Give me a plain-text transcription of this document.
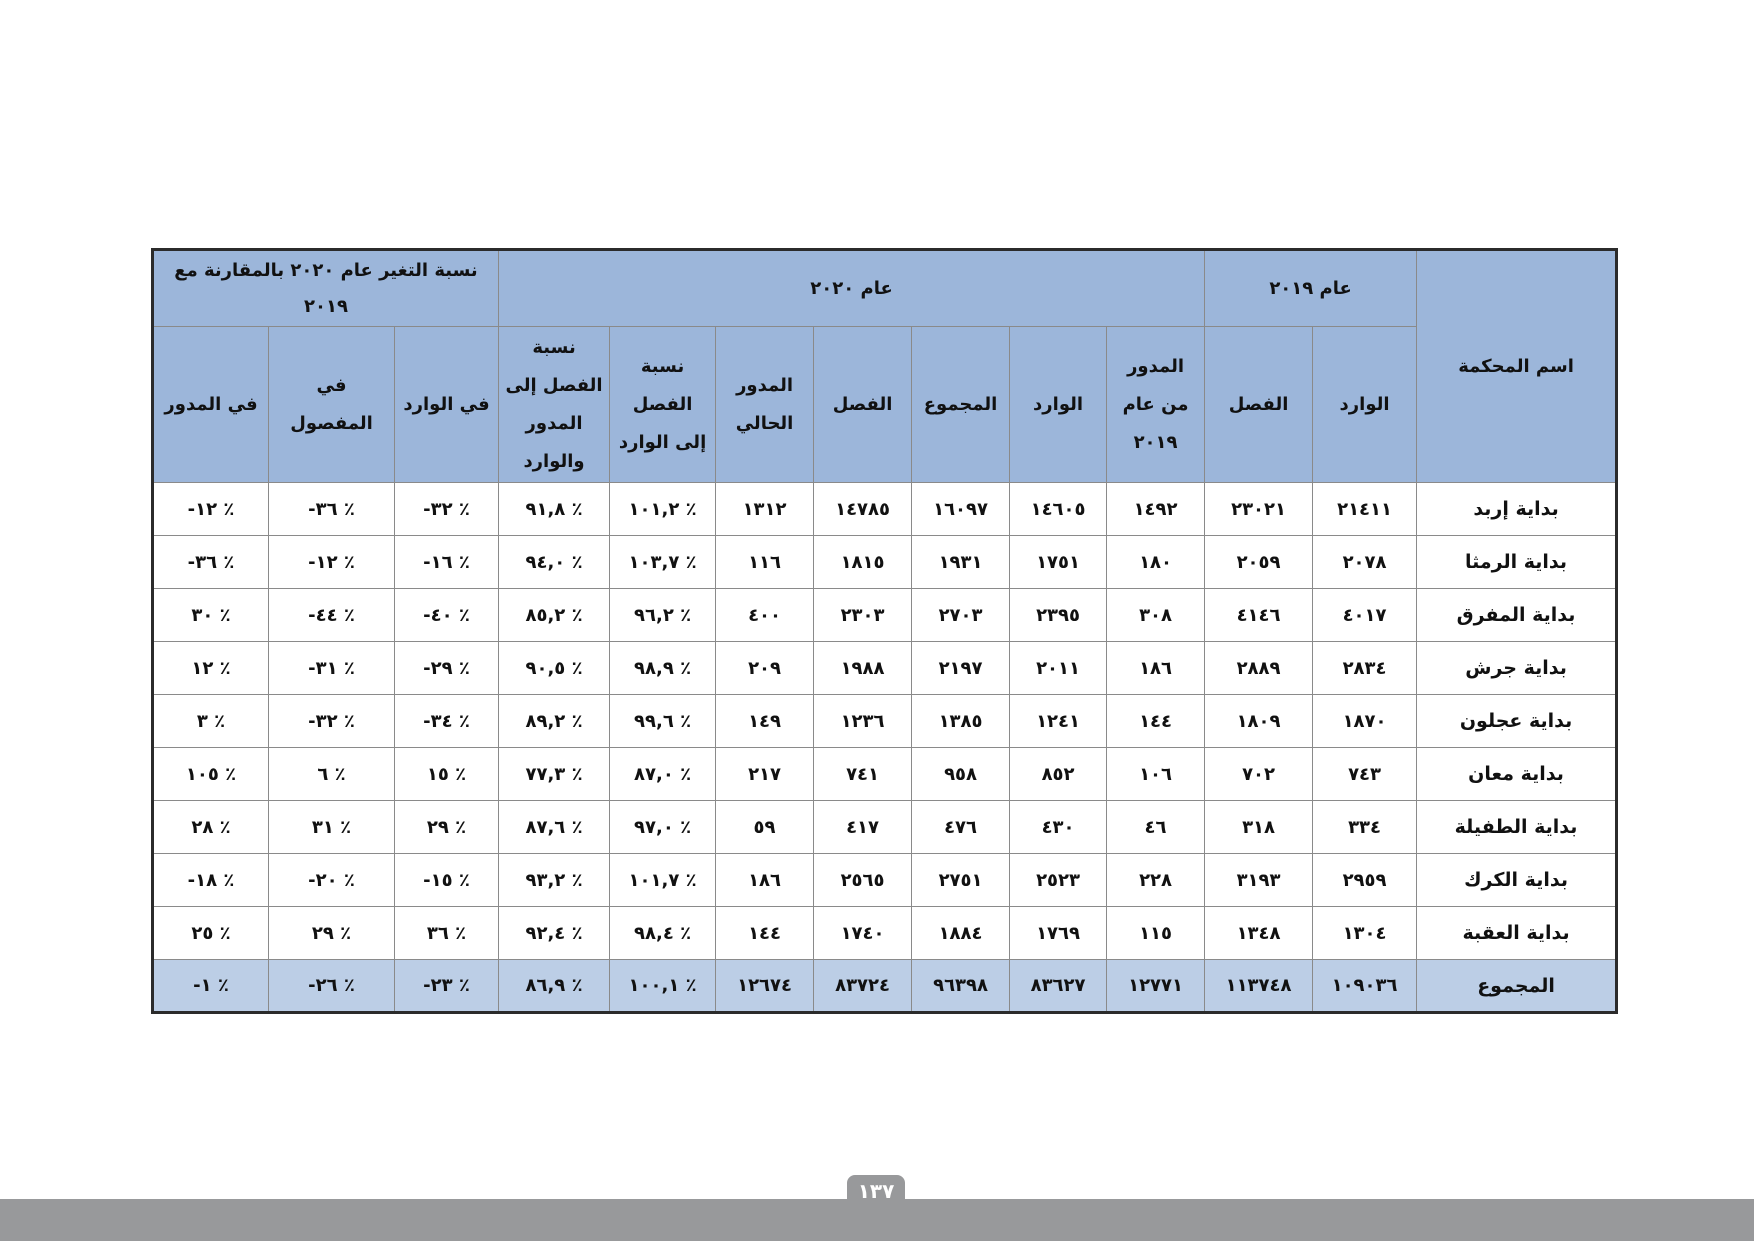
اسم المحكمة	عام ٢٠١٩		عام ٢٠٢٠							نسبة التغير عام ٢٠٢٠ بالمقارنة مع ٢٠١٩		
	الوارد	الفصل	المدور من عام ٢٠١٩	الوارد	المجموع	الفصل	المدور الحالي	نسبة الفصل إلى الوارد	نسبة الفصل إلى المدور والوارد	في الوارد	في المفصول	في المدور
بداية إربد	٢١٤١١	٢٣٠٢١	١٤٩٢	١٤٦٠٥	١٦٠٩٧	١٤٧٨٥	١٣١٢	٪ ١٠١,٢	٪ ٩١,٨	٪ ٣٢-	٪ ٣٦-	٪ ١٢-
بداية الرمثا	٢٠٧٨	٢٠٥٩	١٨٠	١٧٥١	١٩٣١	١٨١٥	١١٦	٪ ١٠٣,٧	٪ ٩٤,٠	٪ ١٦-	٪ ١٢-	٪ ٣٦-
بداية المفرق	٤٠١٧	٤١٤٦	٣٠٨	٢٣٩٥	٢٧٠٣	٢٣٠٣	٤٠٠	٪ ٩٦,٢	٪ ٨٥,٢	٪ ٤٠-	٪ ٤٤-	٪ ٣٠
بداية جرش	٢٨٣٤	٢٨٨٩	١٨٦	٢٠١١	٢١٩٧	١٩٨٨	٢٠٩	٪ ٩٨,٩	٪ ٩٠,٥	٪ ٢٩-	٪ ٣١-	٪ ١٢
بداية عجلون	١٨٧٠	١٨٠٩	١٤٤	١٢٤١	١٣٨٥	١٢٣٦	١٤٩	٪ ٩٩,٦	٪ ٨٩,٢	٪ ٣٤-	٪ ٣٢-	٪ ٣
بداية معان	٧٤٣	٧٠٢	١٠٦	٨٥٢	٩٥٨	٧٤١	٢١٧	٪ ٨٧,٠	٪ ٧٧,٣	٪ ١٥	٪ ٦	٪ ١٠٥
بداية الطفيلة	٣٣٤	٣١٨	٤٦	٤٣٠	٤٧٦	٤١٧	٥٩	٪ ٩٧,٠	٪ ٨٧,٦	٪ ٢٩	٪ ٣١	٪ ٢٨
بداية الكرك	٢٩٥٩	٣١٩٣	٢٢٨	٢٥٢٣	٢٧٥١	٢٥٦٥	١٨٦	٪ ١٠١,٧	٪ ٩٣,٢	٪ ١٥-	٪ ٢٠-	٪ ١٨-
بداية العقبة	١٣٠٤	١٣٤٨	١١٥	١٧٦٩	١٨٨٤	١٧٤٠	١٤٤	٪ ٩٨,٤	٪ ٩٢,٤	٪ ٣٦	٪ ٢٩	٪ ٢٥
المجموع	١٠٩٠٣٦	١١٣٧٤٨	١٢٧٧١	٨٣٦٢٧	٩٦٣٩٨	٨٣٧٢٤	١٢٦٧٤	٪ ١٠٠,١	٪ ٨٦,٩	٪ ٢٣-	٪ ٢٦-	٪ ١-
١٣٧
